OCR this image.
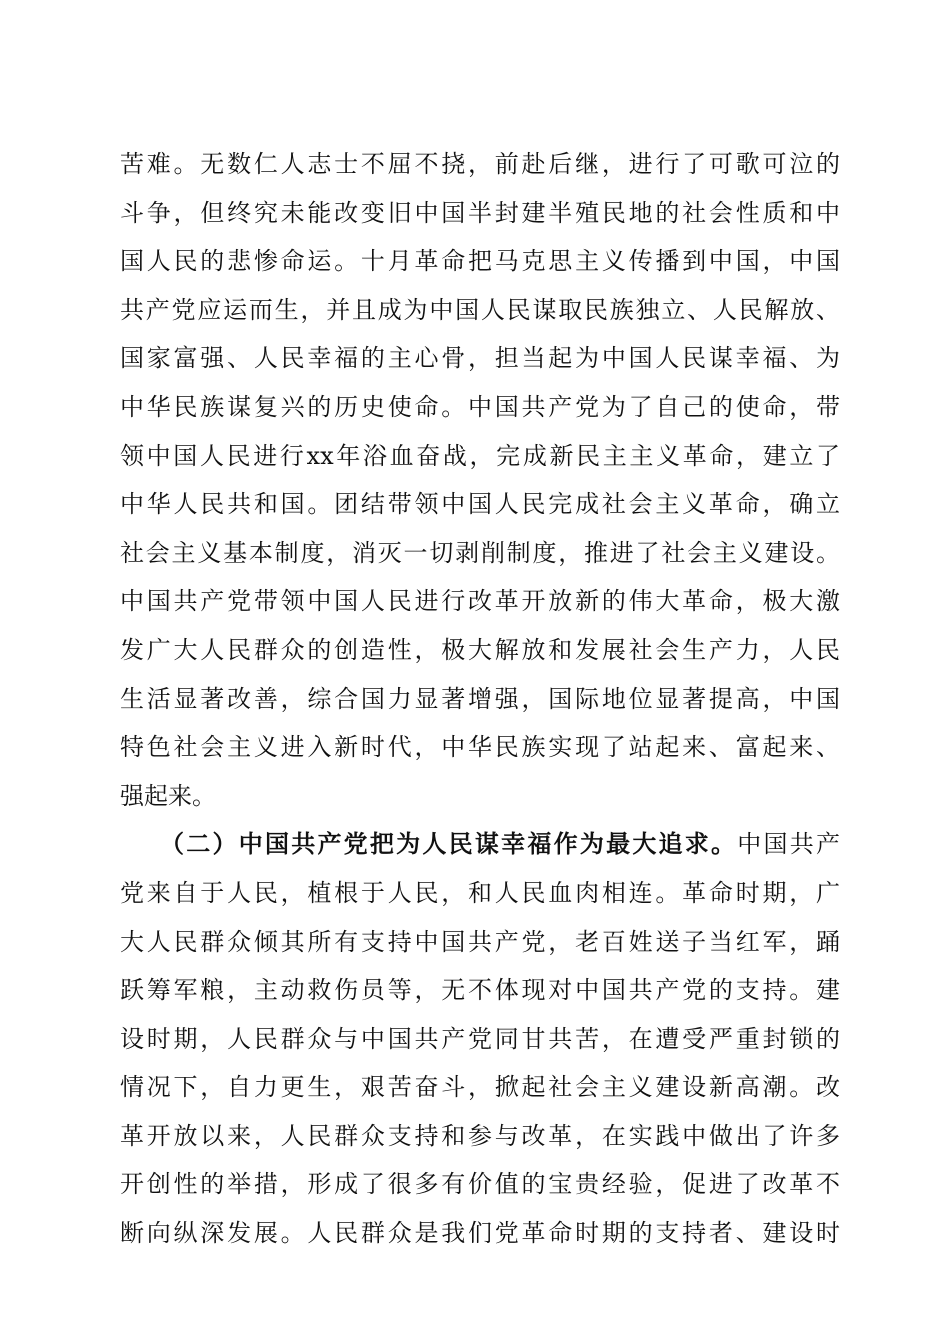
苦难。无数仁人志士不屈不挠，前赴后继，进行了可歌可泣的
斗争，但终究未能改变旧中国半封建半殖民地的社会性质和中
国人民的悲惨命运。十月革命把马克思主义传播到中国，中国
共产党应运而生，并且成为中国人民谋取民族独立、人民解放、
国家富强、人民幸福的主心骨，担当起为中国人民谋幸福、为
中华民族谋复兴的历史使命。中国共产党为了自己的使命，带
领中国人民进行xx年浴血奋战，完成新民主主义革命，建立了
中华人民共和国。团结带领中国人民完成社会主义革命，确立
社会主义基本制度，消灭一切剥削制度，推进了社会主义建设。
中国共产党带领中国人民进行改革开放新的伟大革命，极大激
发广大人民群众的创造性，极大解放和发展社会生产力，人民
生活显著改善，综合国力显著增强，国际地位显著提高，中国
特色社会主义进入新时代，中华民族实现了站起来、富起来、
强起来。
（二）中国共产党把为人民谋幸福作为最大追求。中国共产
党来自于人民，植根于人民，和人民血肉相连。革命时期，广
大人民群众倾其所有支持中国共产党，老百姓送子当红军，踊
跃筹军粮，主动救伤员等，无不体现对中国共产党的支持。建
设时期，人民群众与中国共产党同甘共苦，在遭受严重封锁的
情况下，自力更生，艰苦奋斗，掀起社会主义建设新高潮。改
革开放以来，人民群众支持和参与改革，在实践中做出了许多
开创性的举措，形成了很多有价值的宝贵经验，促进了改革不
断向纵深发展。人民群众是我们党革命时期的支持者、建设时
